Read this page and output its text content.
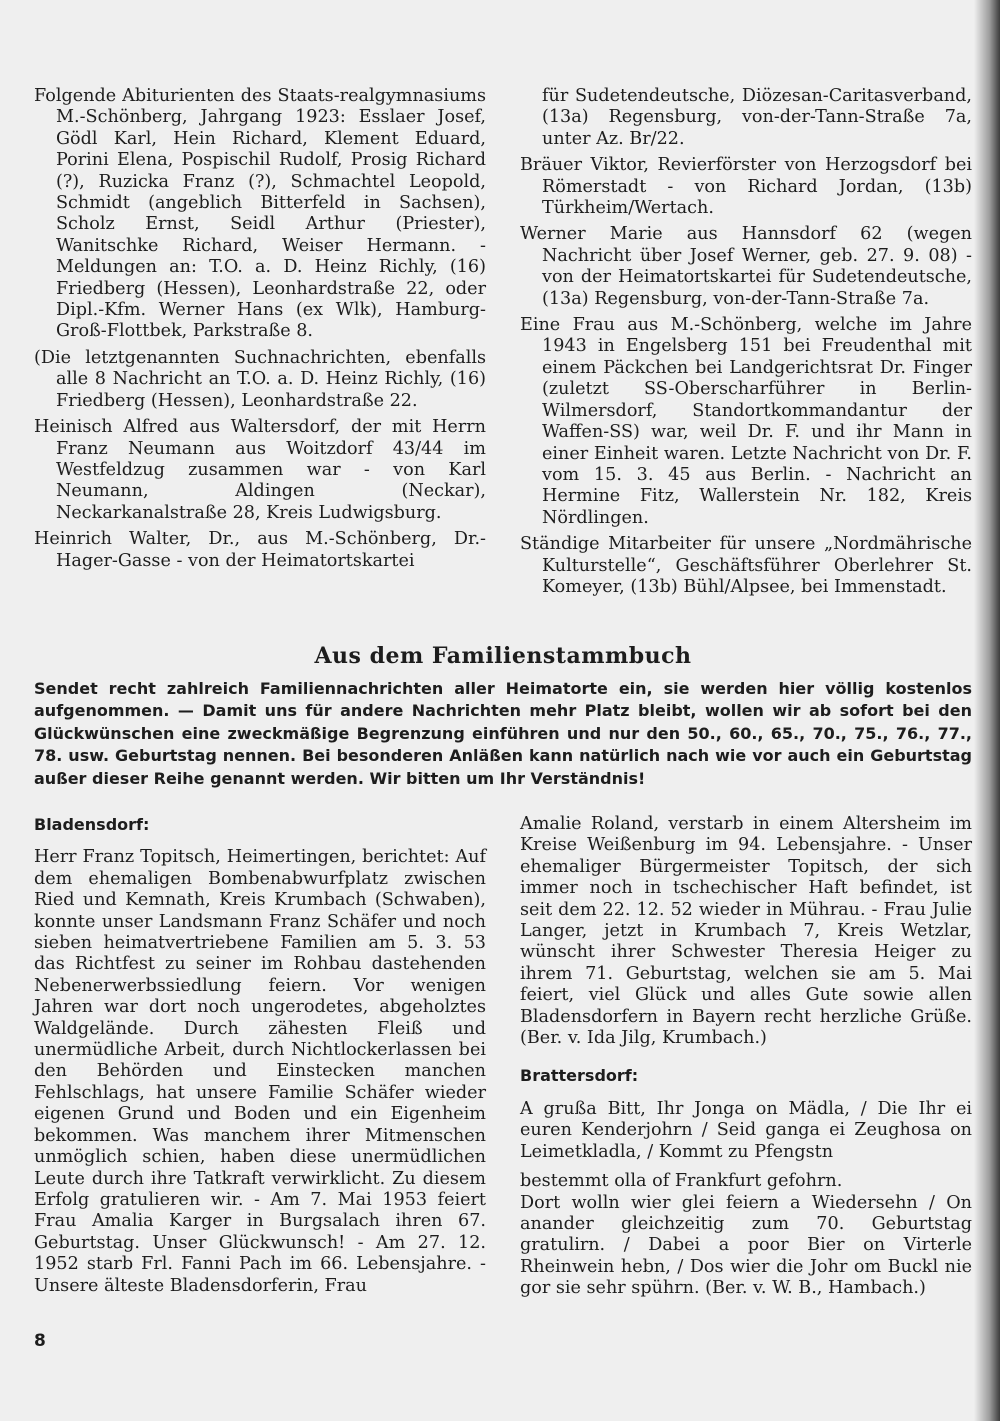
Folgende Abiturienten des Staats-realgymnasiums M.-Schönberg, Jahrgang 1923: Esslaer Josef, Gödl Karl, Hein Richard, Klement Eduard, Porini Elena, Pospischil Rudolf, Prosig Richard (?), Ruzicka Franz (?), Schmachtel Leopold, Schmidt (angeblich Bitterfeld in Sachsen), Scholz Ernst, Seidl Arthur (Priester), Wanitschke Richard, Weiser Hermann. - Meldungen an: T.O. a. D. Heinz Richly, (16) Friedberg (Hessen), Leonhardstraße 22, oder Dipl.-Kfm. Werner Hans (ex Wlk), Hamburg-Groß-Flottbek, Parkstraße 8.

(Die letztgenannten Suchnachrichten, ebenfalls alle 8 Nachricht an T.O. a. D. Heinz Richly, (16) Friedberg (Hessen), Leonhardstraße 22.

Heinisch Alfred aus Waltersdorf, der mit Herrn Franz Neumann aus Woitzdorf 43/44 im Westfeldzug zusammen war - von Karl Neumann, Aldingen (Neckar), Neckarkanalstraße 28, Kreis Ludwigsburg.

Heinrich Walter, Dr., aus M.-Schönberg, Dr.-Hager-Gasse - von der Heimatortskartei

für Sudetendeutsche, Diözesan-Caritasverband, (13a) Regensburg, von-der-Tann-Straße 7a, unter Az. Br/22.

Bräuer Viktor, Revierförster von Herzogsdorf bei Römerstadt - von Richard Jordan, (13b) Türkheim/Wertach.

Werner Marie aus Hannsdorf 62 (wegen Nachricht über Josef Werner, geb. 27. 9. 08) - von der Heimatortskartei für Sudetendeutsche, (13a) Regensburg, von-der-Tann-Straße 7a.

Eine Frau aus M.-Schönberg, welche im Jahre 1943 in Engelsberg 151 bei Freudenthal mit einem Päckchen bei Landgerichtsrat Dr. Finger (zuletzt SS-Oberscharführer in Berlin-Wilmersdorf, Standortkommandantur der Waffen-SS) war, weil Dr. F. und ihr Mann in einer Einheit waren. Letzte Nachricht von Dr. F. vom 15. 3. 45 aus Berlin. - Nachricht an Hermine Fitz, Wallerstein Nr. 182, Kreis Nördlingen.

Ständige Mitarbeiter für unsere „Nordmährische Kulturstelle“, Geschäftsführer Oberlehrer St. Komeyer, (13b) Bühl/Alpsee, bei Immenstadt.

Aus dem Familienstammbuch
Sendet recht zahlreich Familiennachrichten aller Heimatorte ein, sie werden hier völlig kostenlos aufgenommen. — Damit uns für andere Nachrichten mehr Platz bleibt, wollen wir ab sofort bei den Glückwünschen eine zweckmäßige Begrenzung einführen und nur den 50., 60., 65., 70., 75., 76., 77., 78. usw. Geburtstag nennen. Bei besonderen Anläßen kann natürlich nach wie vor auch ein Geburtstag außer dieser Reihe genannt werden. Wir bitten um Ihr Verständnis!
Bladensdorf:

Herr Franz Topitsch, Heimertingen, berichtet: Auf dem ehemaligen Bombenabwurfplatz zwischen Ried und Kemnath, Kreis Krumbach (Schwaben), konnte unser Landsmann Franz Schäfer und noch sieben heimatvertriebene Familien am 5. 3. 53 das Richtfest zu seiner im Rohbau dastehenden Nebenerwerbssiedlung feiern. Vor wenigen Jahren war dort noch ungerodetes, abgeholztes Waldgelände. Durch zähesten Fleiß und unermüdliche Arbeit, durch Nichtlockerlassen bei den Behörden und Einstecken manchen Fehlschlags, hat unsere Familie Schäfer wieder eigenen Grund und Boden und ein Eigenheim bekommen. Was manchem ihrer Mitmenschen unmöglich schien, haben diese unermüdlichen Leute durch ihre Tatkraft verwirklicht. Zu diesem Erfolg gratulieren wir. - Am 7. Mai 1953 feiert Frau Amalia Karger in Burgsalach ihren 67. Geburtstag. Unser Glückwunsch! - Am 27. 12. 1952 starb Frl. Fanni Pach im 66. Lebensjahre. - Unsere älteste Bladensdorferin, Frau

Amalie Roland, verstarb in einem Altersheim im Kreise Weißenburg im 94. Lebensjahre. - Unser ehemaliger Bürgermeister Topitsch, der sich immer noch in tschechischer Haft befindet, ist seit dem 22. 12. 52 wieder in Mührau. - Frau Julie Langer, jetzt in Krumbach 7, Kreis Wetzlar, wünscht ihrer Schwester Theresia Heiger zu ihrem 71. Geburtstag, welchen sie am 5. Mai feiert, viel Glück und alles Gute sowie allen Bladensdorfern in Bayern recht herzliche Grüße. (Ber. v. Ida Jilg, Krumbach.)

Brattersdorf:

A grußa Bitt, Ihr Jonga on Mädla, / Die Ihr ei euren Kenderjohrn / Seid ganga ei Zeughosa on Leimetkladla, / Kommt zu Pfengstn

bestemmt olla of Frankfurt gefohrn.

Dort wolln wier glei feiern a Wiedersehn / On anander gleichzeitig zum 70. Geburtstag gratulirn. / Dabei a poor Bier on Virterle Rheinwein hebn, / Dos wier die Johr om Buckl nie gor sie sehr spührn. (Ber. v. W. B., Hambach.)

8
